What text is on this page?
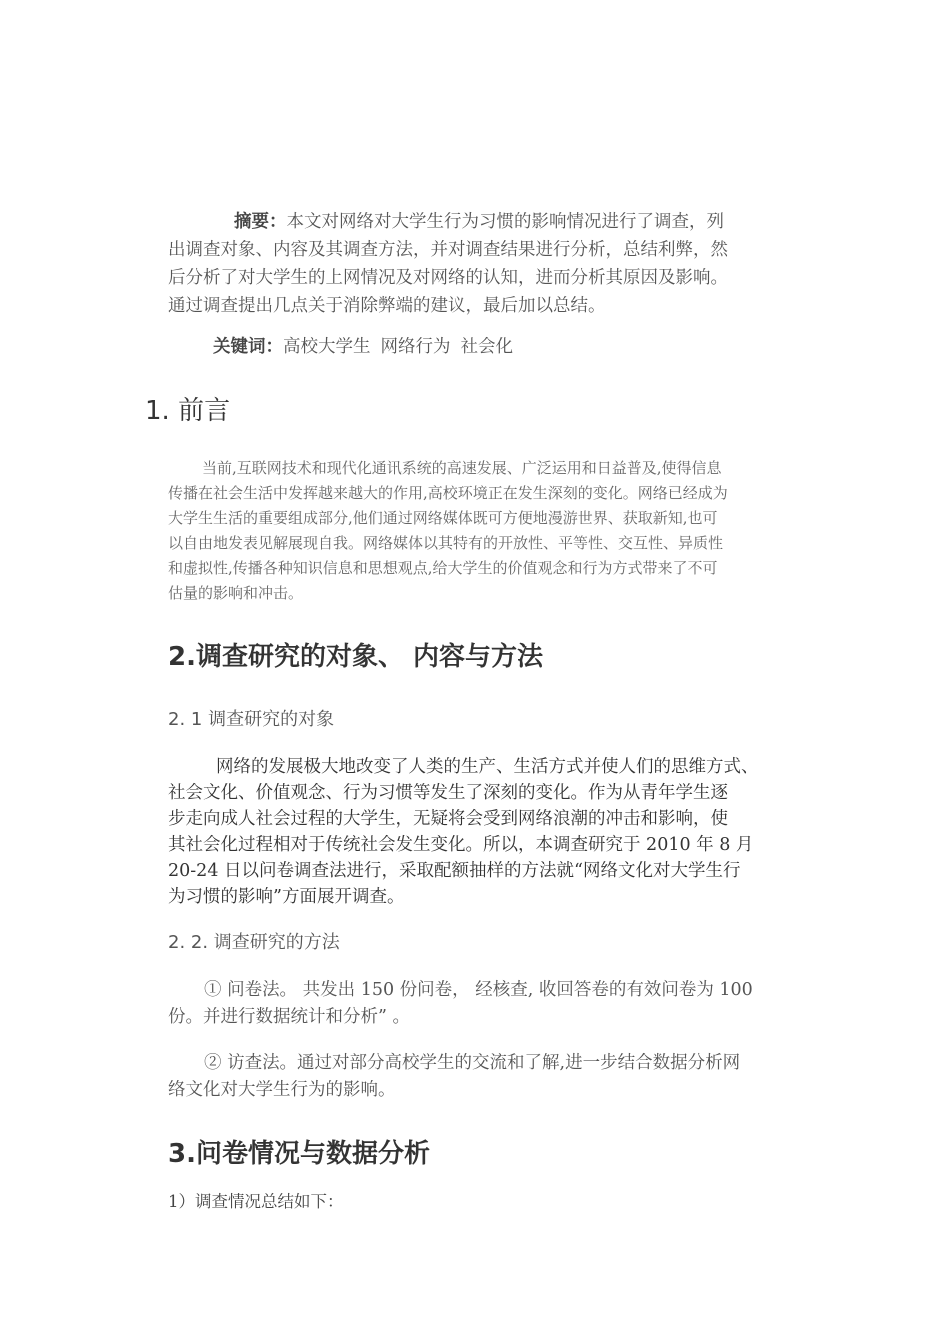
摘要：本文对网络对大学生行为习惯的影响情况进行了调查，列
出调查对象、内容及其调查方法，并对调查结果进行分析，总结利弊，然
后分析了对大学生的上网情况及对网络的认知，进而分析其原因及影响。
通过调查提出几点关于消除弊端的建议，最后加以总结。
关键词：高校大学生 网络行为 社会化
1. 前言
当前,互联网技术和现代化通讯系统的高速发展、广泛运用和日益普及,使得信息
传播在社会生活中发挥越来越大的作用,高校环境正在发生深刻的变化。网络已经成为
大学生生活的重要组成部分,他们通过网络媒体既可方便地漫游世界、获取新知,也可
以自由地发表见解展现自我。网络媒体以其特有的开放性、平等性、交互性、异质性
和虚拟性,传播各种知识信息和思想观点,给大学生的价值观念和行为方式带来了不可
估量的影响和冲击。
2.调查研究的对象、 内容与方法
2. 1 调查研究的对象
网络的发展极大地改变了人类的生产、生活方式并使人们的思维方式、
社会文化、价值观念、行为习惯等发生了深刻的变化。作为从青年学生逐
步走向成人社会过程的大学生，无疑将会受到网络浪潮的冲击和影响，使
其社会化过程相对于传统社会发生变化。所以，本调查研究于 2010 年 8 月
20-24 日以问卷调查法进行，采取配额抽样的方法就“网络文化对大学生行
为习惯的影响”方面展开调查。
2. 2. 调查研究的方法
① 问卷法。 共发出 150 份问卷， 经核查, 收回答卷的有效问卷为 100
份。并进行数据统计和分析” 。
② 访查法。通过对部分高校学生的交流和了解,进一步结合数据分析网
络文化对大学生行为的影响。
3.问卷情况与数据分析
1）调查情况总结如下：
